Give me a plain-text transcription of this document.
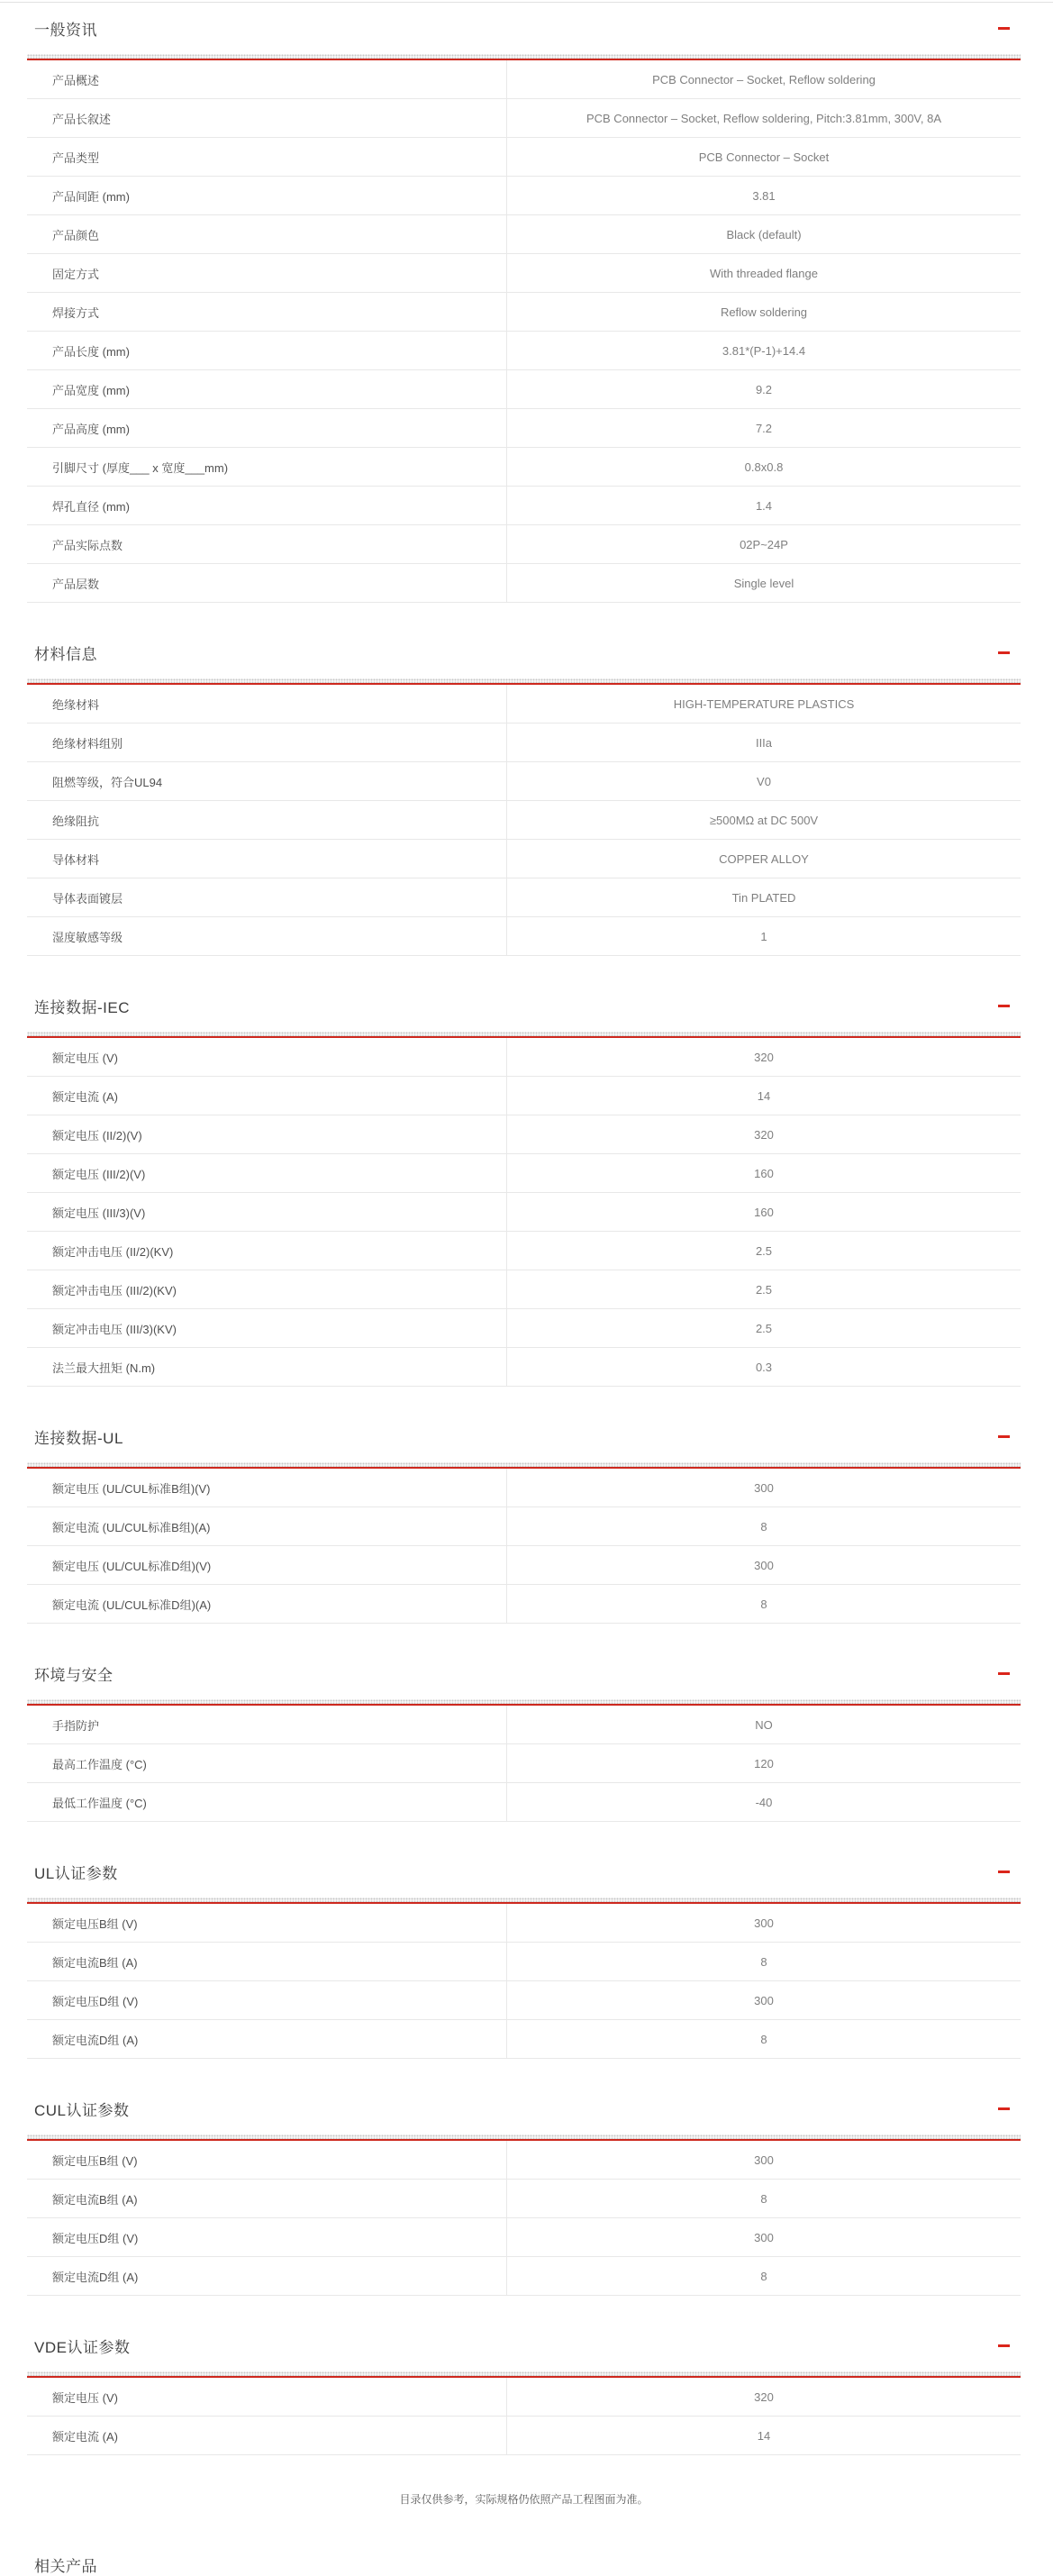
一般资讯
产品概述	PCB Connector – Socket, Reflow soldering
产品长叙述	PCB Connector – Socket, Reflow soldering, Pitch:3.81mm, 300V, 8A
产品类型	PCB Connector – Socket
产品间距 (mm)	3.81
产品颜色	Black (default)
固定方式	With threaded flange
焊接方式	Reflow soldering
产品长度 (mm)	3.81*(P-1)+14.4
产品宽度 (mm)	9.2
产品高度 (mm)	7.2
引脚尺寸 (厚度___ x 宽度___mm)	0.8x0.8
焊孔直径 (mm)	1.4
产品实际点数	02P~24P
产品层数	Single level
材料信息
绝缘材料	HIGH-TEMPERATURE PLASTICS
绝缘材料组别	IIIa
阻燃等级，符合UL94	V0
绝缘阻抗	≥500MΩ at DC 500V
导体材料	COPPER ALLOY
导体表面镀层	Tin PLATED
湿度敏感等级	1
连接数据-IEC
额定电压 (V)	320
额定电流 (A)	14
额定电压 (II/2)(V)	320
额定电压 (III/2)(V)	160
额定电压 (III/3)(V)	160
额定冲击电压 (II/2)(KV)	2.5
额定冲击电压 (III/2)(KV)	2.5
额定冲击电压 (III/3)(KV)	2.5
法兰最大扭矩 (N.m)	0.3
连接数据-UL
额定电压 (UL/CUL标准B组)(V)	300
额定电流 (UL/CUL标准B组)(A)	8
额定电压 (UL/CUL标准D组)(V)	300
额定电流 (UL/CUL标准D组)(A)	8
环境与安全
手指防护	NO
最高工作温度 (°C)	120
最低工作温度 (°C)	-40
UL认证参数
额定电压B组 (V)	300
额定电流B组 (A)	8
额定电压D组 (V)	300
额定电流D组 (A)	8
CUL认证参数
额定电压B组 (V)	300
额定电流B组 (A)	8
额定电压D组 (V)	300
额定电流D组 (A)	8
VDE认证参数
额定电压 (V)	320
额定电流 (A)	14
目录仅供参考，实际规格仍依照产品工程图面为准。
相关产品
